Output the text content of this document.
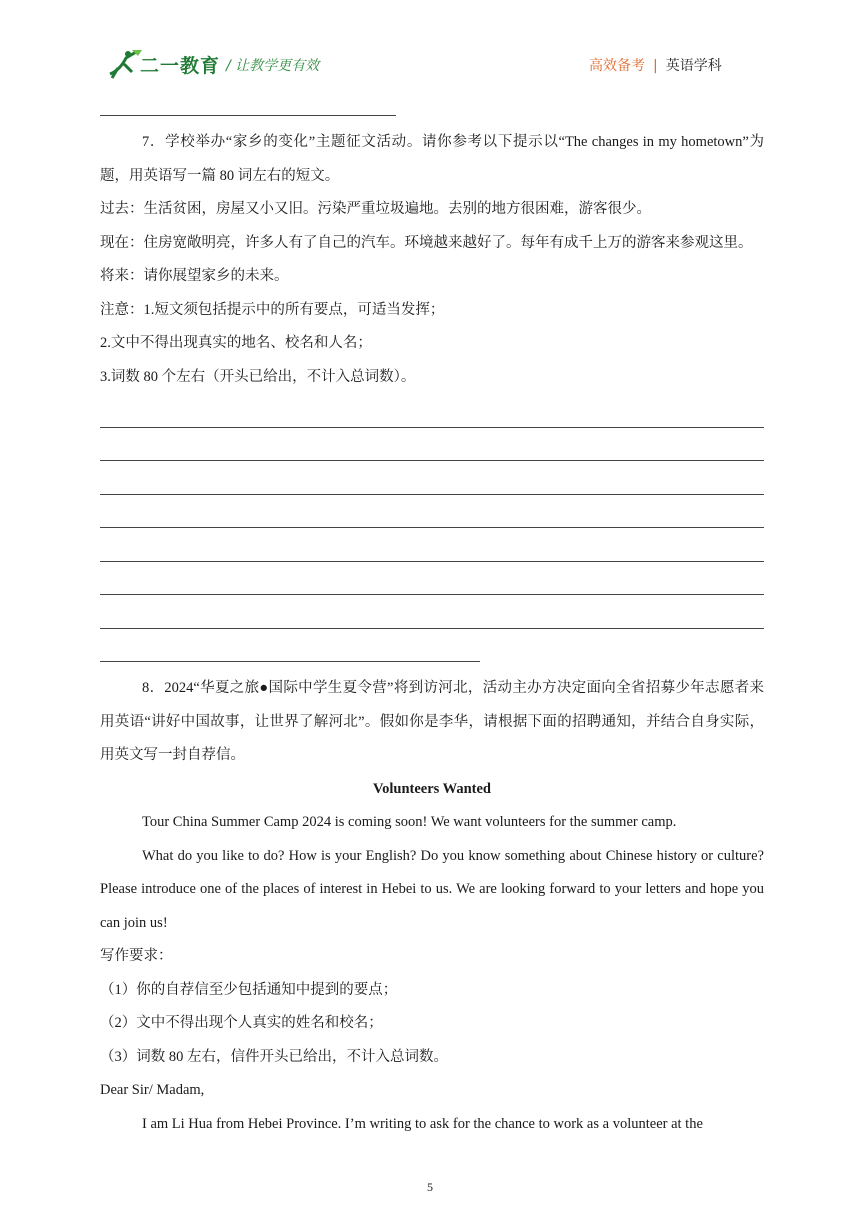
二一教育 / 让教学更有效	高效备考 | 英语学科

7．学校举办“家乡的变化”主题征文活动。请你参考以下提示以“The changes in my hometown”为题，用英语写一篇 80 词左右的短文。

过去：生活贫困，房屋又小又旧。污染严重垃圾遍地。去别的地方很困难，游客很少。

现在：住房宽敞明亮，许多人有了自己的汽车。环境越来越好了。每年有成千上万的游客来参观这里。

将来：请你展望家乡的未来。

注意：1.短文须包括提示中的所有要点，可适当发挥；

2.文中不得出现真实的地名、校名和人名；

3.词数 80 个左右（开头已给出，不计入总词数）。

8．2024“华夏之旅●国际中学生夏令营”将到访河北，活动主办方决定面向全省招募少年志愿者来用英语“讲好中国故事，让世界了解河北”。假如你是李华，请根据下面的招聘通知，并结合自身实际，用英文写一封自荐信。

Volunteers Wanted

Tour China Summer Camp 2024 is coming soon! We want volunteers for the summer camp.

What do you like to do? How is your English? Do you know something about Chinese history or culture? Please introduce one of the places of interest in Hebei to us. We are looking forward to your letters and hope you can join us!

写作要求：

（1）你的自荐信至少包括通知中提到的要点；

（2）文中不得出现个人真实的姓名和校名；

（3）词数 80 左右，信件开头已给出，不计入总词数。

Dear Sir/ Madam,

I am Li Hua from Hebei Province. I’m writing to ask for the chance to work as a volunteer at the

5
